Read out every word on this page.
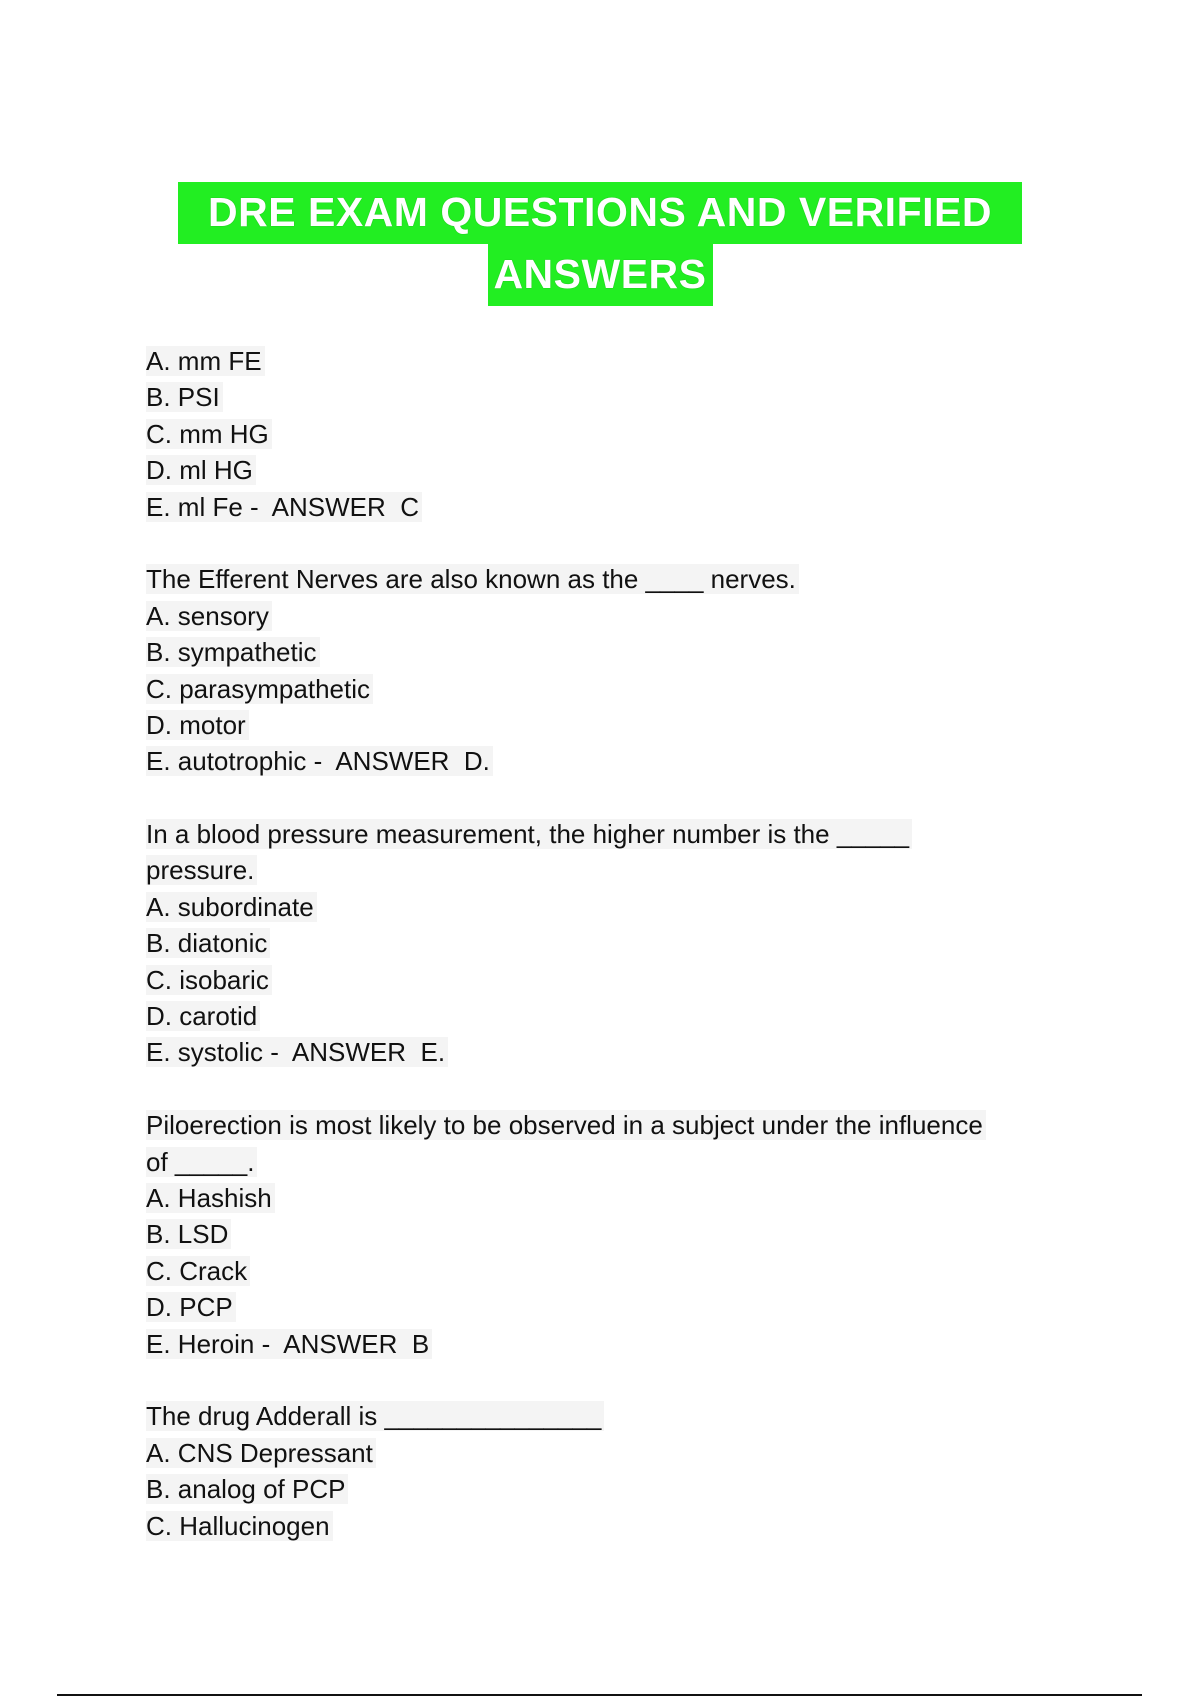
DRE EXAM QUESTIONS AND VERIFIED
ANSWERS
A. mm FE
B. PSI
C. mm HG
D. ml HG
E. ml Fe -  ANSWER  C
The Efferent Nerves are also known as the ____ nerves.
A. sensory
B. sympathetic
C. parasympathetic
D. motor
E. autotrophic -  ANSWER  D.
In a blood pressure measurement, the higher number is the _____
pressure.
A. subordinate
B. diatonic
C. isobaric
D. carotid
E. systolic -  ANSWER  E.
Piloerection is most likely to be observed in a subject under the influence
of _____.
A. Hashish
B. LSD
C. Crack
D. PCP
E. Heroin -  ANSWER  B
The drug Adderall is _______________
A. CNS Depressant
B. analog of PCP
C. Hallucinogen
